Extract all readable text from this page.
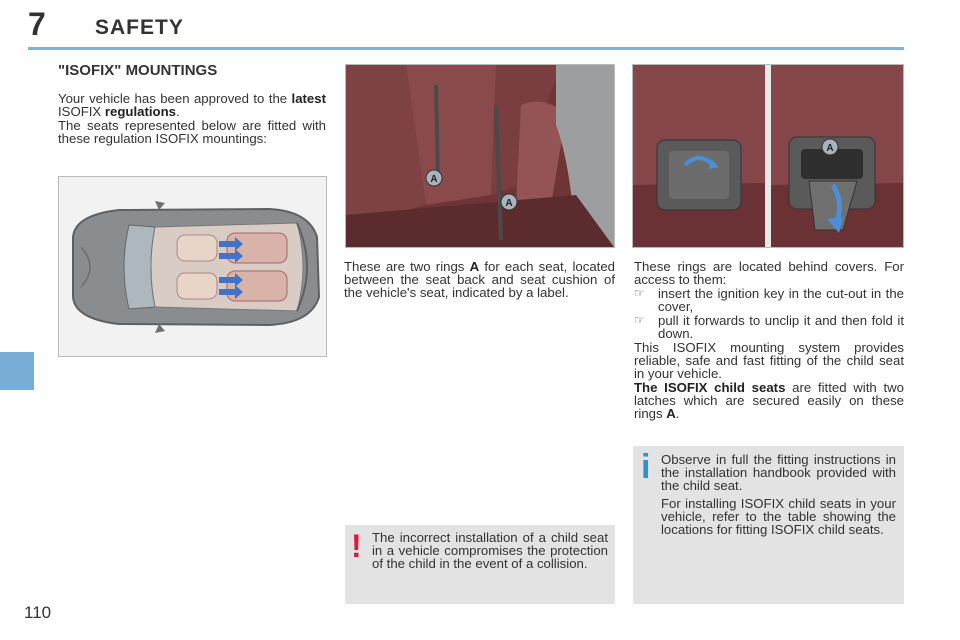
7 SAFETY
110
"ISOFIX" MOUNTINGS

Your vehicle has been approved to the latest ISOFIX regulations.

The seats represented below are fitted with these regulation ISOFIX mountings:

A
A
A
These are two rings A for each seat, located between the seat back and seat cushion of the vehicle's seat, indicated by a label.

These rings are located behind covers. For access to them:

☞	insert the ignition key in the cut-out in the cover,
☞	pull it forwards to unclip it and then fold it down.

This ISOFIX mounting system provides reliable, safe and fast fitting of the child seat in your vehicle.

The ISOFIX child seats are fitted with two latches which are secured easily on these rings A.

i Observe in full the fitting instructions in the installation handbook provided with the child seat.

For installing ISOFIX child seats in your vehicle, refer to the table showing the locations for fitting ISOFIX child seats.

! The incorrect installation of a child seat in a vehicle compromises the protection of the child in the event of a collision.
